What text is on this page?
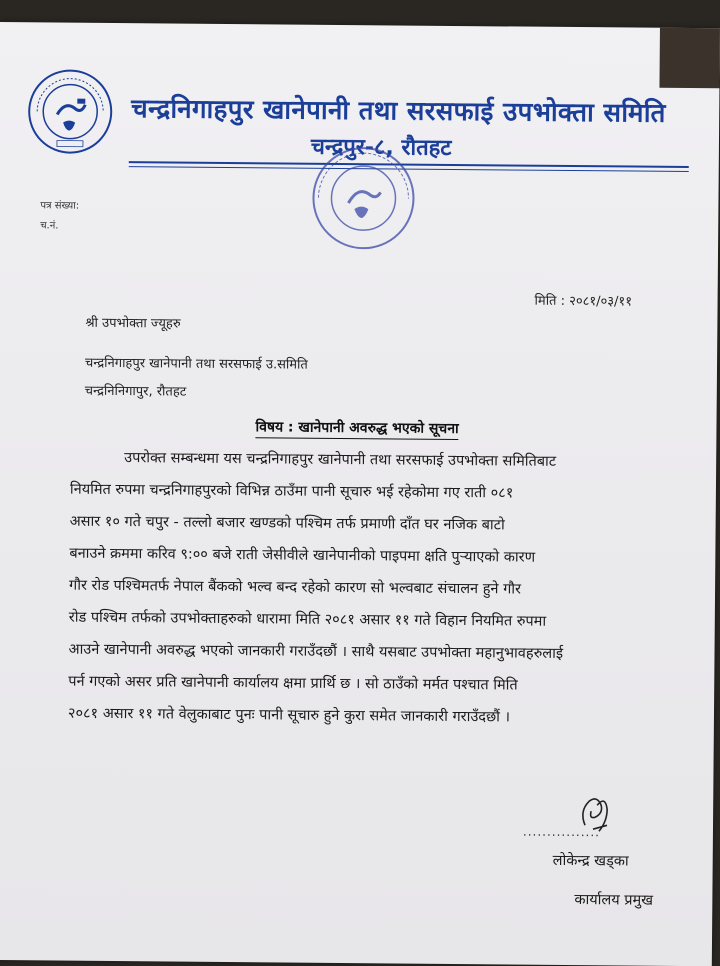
चन्द्रनिगाहपुर खानेपानी तथा सरसफाई उपभोक्ता समिति
चन्द्रपुर-८, रौतहट
पत्र संख्या:
च.नं.
मिति : २०८१/०३/११
श्री उपभोक्ता ज्यूहरु
चन्द्रनिगाहपुर खानेपानी तथा सरसफाई उ.समिति
चन्द्रनिनिगापुर, रौतहट
विषय : खानेपानी अवरुद्ध भएको सूचना
उपरोक्त सम्बन्धमा यस चन्द्रनिगाहपुर खानेपानी तथा सरसफाई उपभोक्ता समितिबाट
नियमित रुपमा चन्द्रनिगाहपुरको विभिन्न ठाउँमा पानी सूचारु भई रहेकोमा गए राती ०८१
असार १० गते चपुर - तल्लो बजार खण्डको पश्चिम तर्फ प्रमाणी दाँत घर नजिक बाटो
बनाउने क्रममा करिव ९:०० बजे राती जेसीवीले खानेपानीको पाइपमा क्षति पुर्‍याएको कारण
गौर रोड पश्चिमतर्फ नेपाल बैंकको भल्व बन्द रहेको कारण सो भल्वबाट संचालन हुने गौर
रोड पश्चिम तर्फको उपभोक्ताहरुको धारामा मिति २०८१ असार ११ गते विहान नियमित रुपमा
आउने खानेपानी अवरुद्ध भएको जानकारी गराउँदछौं । साथै यसबाट उपभोक्ता महानुभावहरुलाई
पर्न गएको असर प्रति खानेपानी कार्यालय क्षमा प्रार्थि छ । सो ठाउँको मर्मत पश्चात मिति
२०८१ असार ११ गते वेलुकाबाट पुनः पानी सूचारु हुने कुरा समेत जानकारी गराउँदछौं ।
................
लोकेन्द्र खड्का
कार्यालय प्रमुख
